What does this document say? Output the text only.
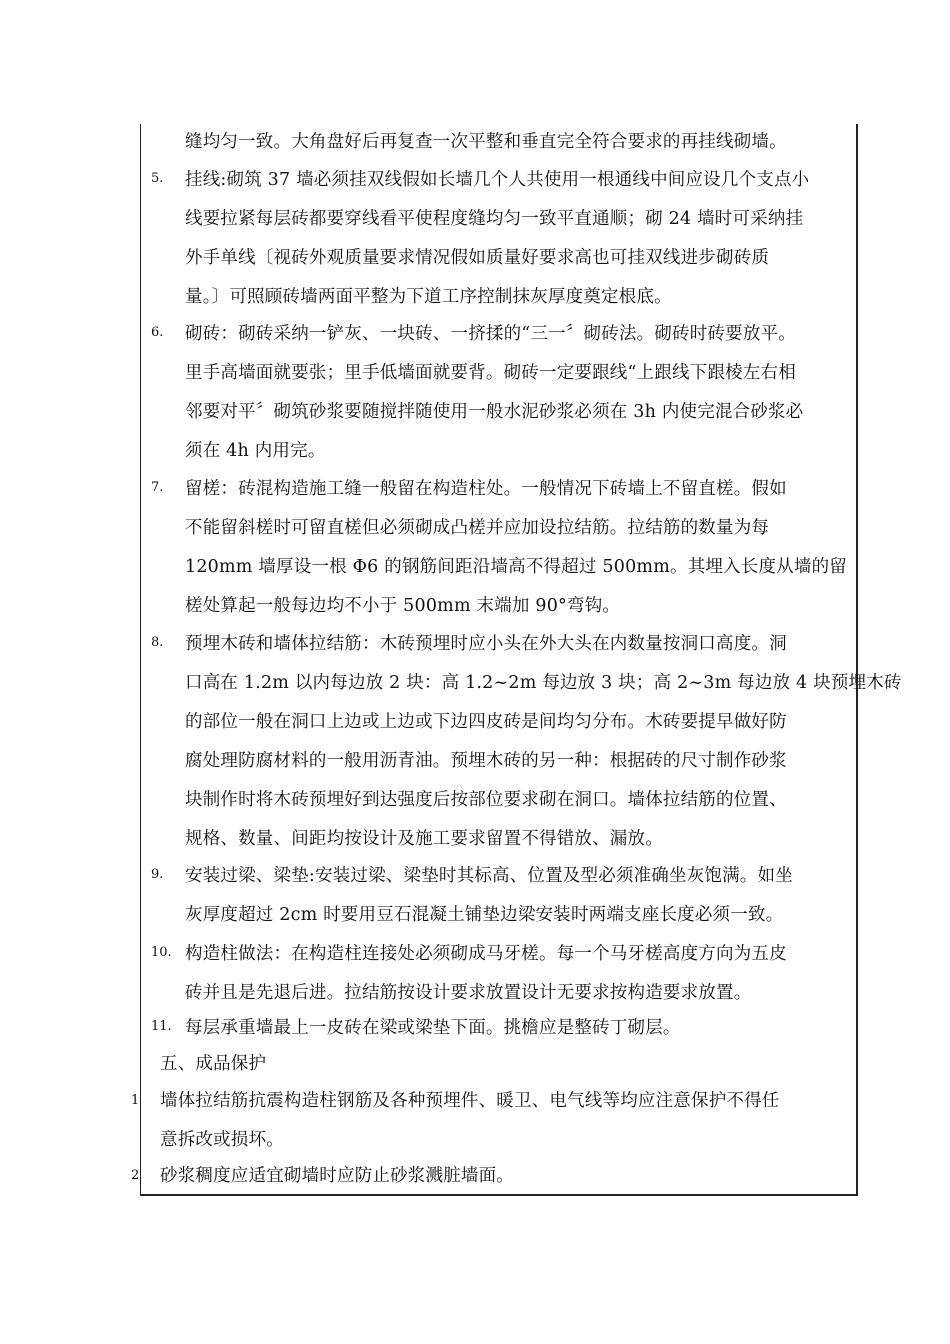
缝均匀一致。大角盘好后再复查一次平整和垂直完全符合要求的再挂线砌墙。
5. 挂线:砌筑 37 墙必须挂双线假如长墙几个人共使用一根通线中间应设几个支点小
线要拉紧每层砖都要穿线看平使程度缝均匀一致平直通顺；砌 24 墙时可采纳挂
外手单线〔视砖外观质量要求情况假如质量好要求高也可挂双线进步砌砖质
量。〕可照顾砖墙两面平整为下道工序控制抹灰厚度奠定根底。
6. 砌砖：砌砖采纳一铲灰、一块砖、一挤揉的“三一〞砌砖法。砌砖时砖要放平。
里手高墙面就要张；里手低墙面就要背。砌砖一定要跟线“上跟线下跟棱左右相
邻要对平〞砌筑砂浆要随搅拌随使用一般水泥砂浆必须在 3h 内使完混合砂浆必
须在 4h 内用完。
7. 留槎：砖混构造施工缝一般留在构造柱处。一般情况下砖墙上不留直槎。假如
不能留斜槎时可留直槎但必须砌成凸槎并应加设拉结筋。拉结筋的数量为每
120mm 墙厚设一根 Φ6 的钢筋间距沿墙高不得超过 500mm。其埋入长度从墙的留
槎处算起一般每边均不小于 500mm 末端加 90°弯钩。
8. 预埋木砖和墙体拉结筋：木砖预埋时应小头在外大头在内数量按洞口高度。洞
口高在 1.2m 以内每边放 2 块：高 1.2~2m 每边放 3 块；高 2~3m 每边放 4 块预埋木砖
的部位一般在洞口上边或上边或下边四皮砖是间均匀分布。木砖要提早做好防
腐处理防腐材料的一般用沥青油。预埋木砖的另一种：根据砖的尺寸制作砂浆
块制作时将木砖预埋好到达强度后按部位要求砌在洞口。墙体拉结筋的位置、
规格、数量、间距均按设计及施工要求留置不得错放、漏放。
9. 安装过梁、梁垫:安装过梁、梁垫时其标高、位置及型必须准确坐灰饱满。如坐
灰厚度超过 2cm 时要用豆石混凝土铺垫边梁安装时两端支座长度必须一致。
10. 构造柱做法：在构造柱连接处必须砌成马牙槎。每一个马牙槎高度方向为五皮
砖并且是先退后进。拉结筋按设计要求放置设计无要求按构造要求放置。
11. 每层承重墙最上一皮砖在梁或梁垫下面。挑檐应是整砖丁砌层。
五、成品保护
1 墙体拉结筋抗震构造柱钢筋及各种预埋件、暖卫、电气线等均应注意保护不得任
意拆改或损坏。
2 砂浆稠度应适宜砌墙时应防止砂浆溅脏墙面。
